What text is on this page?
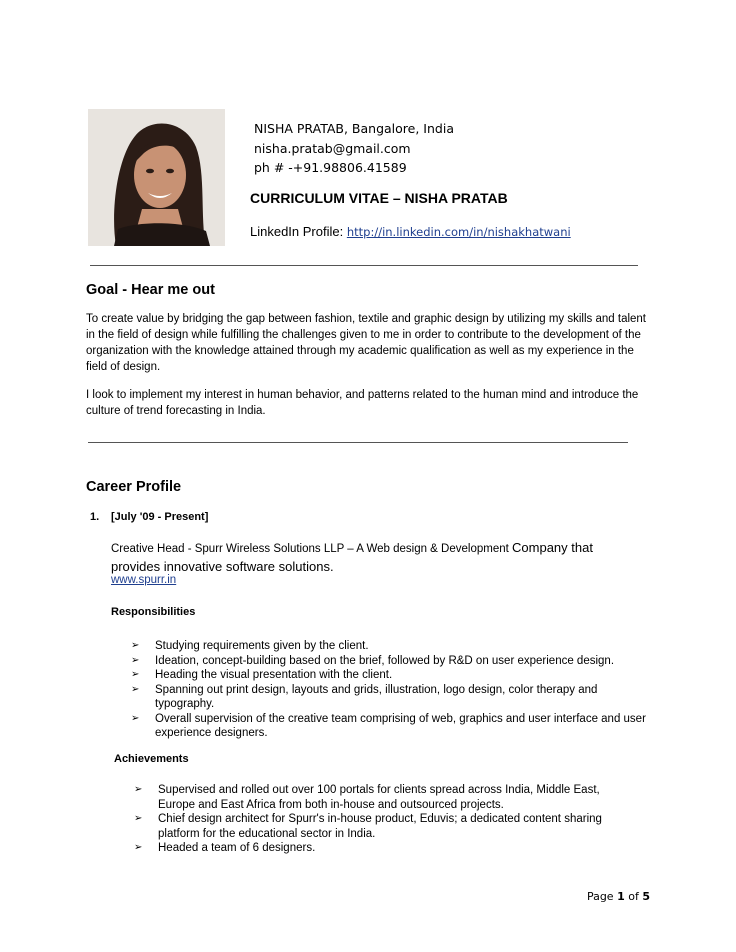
NISHA PRATAB, Bangalore, India
nisha.pratab@gmail.com
ph # -+91.98806.41589
CURRICULUM VITAE – NISHA PRATAB
LinkedIn Profile: http://in.linkedin.com/in/nishakhatwani
Goal - Hear me out
To create value by bridging the gap between fashion, textile and graphic design by utilizing my skills and talent in the field of design while fulfilling the challenges given to me in order to contribute to the development of the organization with the knowledge attained through my academic qualification as well as my experience in the field of design.
I look to implement my interest in human behavior, and patterns related to the human mind and introduce the culture of trend forecasting in India.
Career Profile
1. [July '09 - Present]
Creative Head - Spurr Wireless Solutions LLP – A Web design & Development Company that provides innovative software solutions.
www.spurr.in
Responsibilities
➢ Studying requirements given by the client.
➢ Ideation, concept-building based on the brief, followed by R&D on user experience design.
➢ Heading the visual presentation with the client.
➢ Spanning out print design, layouts and grids, illustration, logo design, color therapy and typography.
➢ Overall supervision of the creative team comprising of web, graphics and user interface and user experience designers.
Achievements
➢ Supervised and rolled out over 100 portals for clients spread across India, Middle East, Europe and East Africa from both in-house and outsourced projects.
➢ Chief design architect for Spurr's in-house product, Eduvis; a dedicated content sharing platform for the educational sector in India.
➢ Headed a team of 6 designers.
Page 1 of 5
